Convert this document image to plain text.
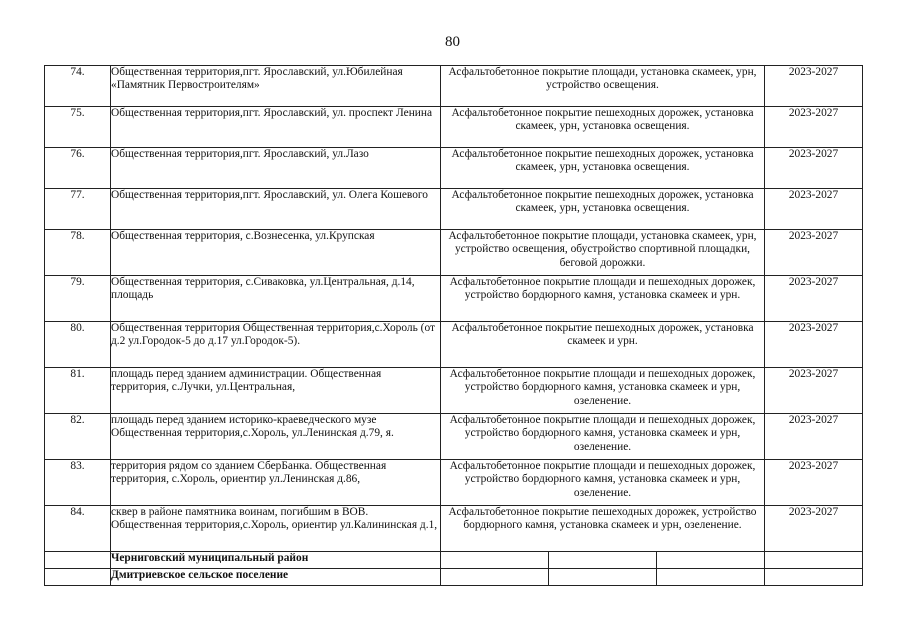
80
74.	Общественная территория,пгт. Ярославский, ул.Юбилейная «Памятник Первостроителям»	Асфальтобетонное покрытие площади, установка скамеек, урн, устройство освещения.	2023-2027
75.	Общественная территория,пгт. Ярославский, ул. проспект Ленина	Асфальтобетонное покрытие пешеходных дорожек, установка скамеек, урн, установка освещения.	2023-2027
76.	Общественная территория,пгт. Ярославский, ул.Лазо	Асфальтобетонное покрытие пешеходных дорожек, установка скамеек, урн, установка освещения.	2023-2027
77.	Общественная территория,пгт. Ярославский, ул. Олега Кошевого	Асфальтобетонное покрытие пешеходных дорожек, установка скамеек, урн, установка освещения.	2023-2027
78.	Общественная территория, с.Вознесенка, ул.Крупская	Асфальтобетонное покрытие площади, установка скамеек, урн, устройство освещения, обустройство спортивной площадки, беговой дорожки.	2023-2027
79.	Общественная территория, с.Сиваковка, ул.Центральная, д.14, площадь	Асфальтобетонное покрытие площади и пешеходных дорожек, устройство бордюрного камня, установка скамеек и урн.	2023-2027
80.	Общественная территория Общественная территория,с.Хороль (от д.2 ул.Городок-5 до д.17 ул.Городок-5).	Асфальтобетонное покрытие пешеходных дорожек, установка скамеек и урн.	2023-2027
81.	площадь перед зданием администрации. Общественная территория, с.Лучки, ул.Центральная,	Асфальтобетонное покрытие площади и пешеходных дорожек, устройство бордюрного камня, установка скамеек и урн, озеленение.	2023-2027
82.	площадь перед зданием историко-краеведческого музе Общественная территория,с.Хороль, ул.Ленинская д.79, я.	Асфальтобетонное покрытие площади и пешеходных дорожек, устройство бордюрного камня, установка скамеек и урн, озеленение.	2023-2027
83.	территория рядом со зданием СберБанка. Общественная территория, с.Хороль, ориентир ул.Ленинская д.86,	Асфальтобетонное покрытие площади и пешеходных дорожек, устройство бордюрного камня, установка скамеек и урн, озеленение.	2023-2027
84.	сквер в районе памятника воинам, погибшим в ВОВ. Общественная территория,с.Хороль, ориентир ул.Калининская д.1,	Асфальтобетонное покрытие пешеходных дорожек, устройство бордюрного камня, установка скамеек и урн, озеленение.	2023-2027
	Черниговский муниципальный район	

	Дмитриевское сельское поселение	
